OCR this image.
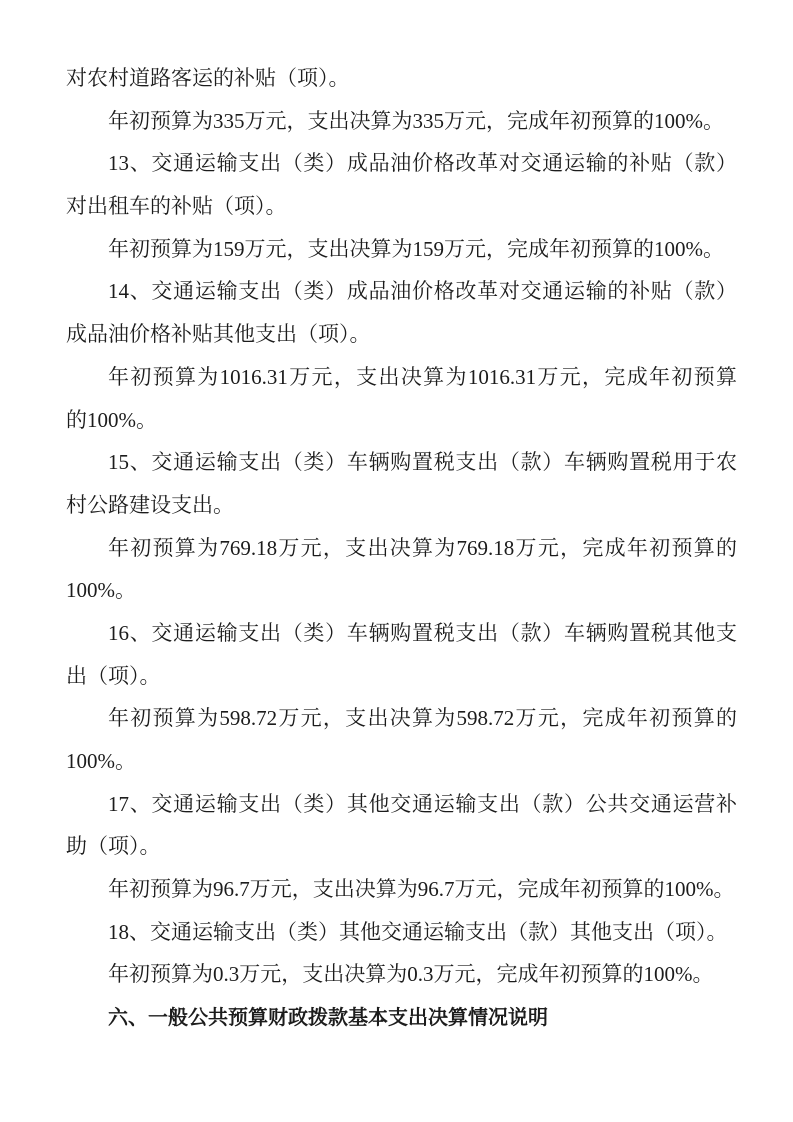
对农村道路客运的补贴（项）。
年初预算为335万元，支出决算为335万元，完成年初预算的100%。
13、交通运输支出（类）成品油价格改革对交通运输的补贴（款）
对出租车的补贴（项）。
年初预算为159万元，支出决算为159万元，完成年初预算的100%。
14、交通运输支出（类）成品油价格改革对交通运输的补贴（款）
成品油价格补贴其他支出（项）。
年初预算为1016.31万元，支出决算为1016.31万元，完成年初预算
的100%。
15、交通运输支出（类）车辆购置税支出（款）车辆购置税用于农
村公路建设支出。
年初预算为769.18万元，支出决算为769.18万元，完成年初预算的
100%。
16、交通运输支出（类）车辆购置税支出（款）车辆购置税其他支
出（项）。
年初预算为598.72万元，支出决算为598.72万元，完成年初预算的
100%。
17、交通运输支出（类）其他交通运输支出（款）公共交通运营补
助（项）。
年初预算为96.7万元，支出决算为96.7万元，完成年初预算的100%。
18、交通运输支出（类）其他交通运输支出（款）其他支出（项）。
年初预算为0.3万元，支出决算为0.3万元，完成年初预算的100%。
六、一般公共预算财政拨款基本支出决算情况说明
